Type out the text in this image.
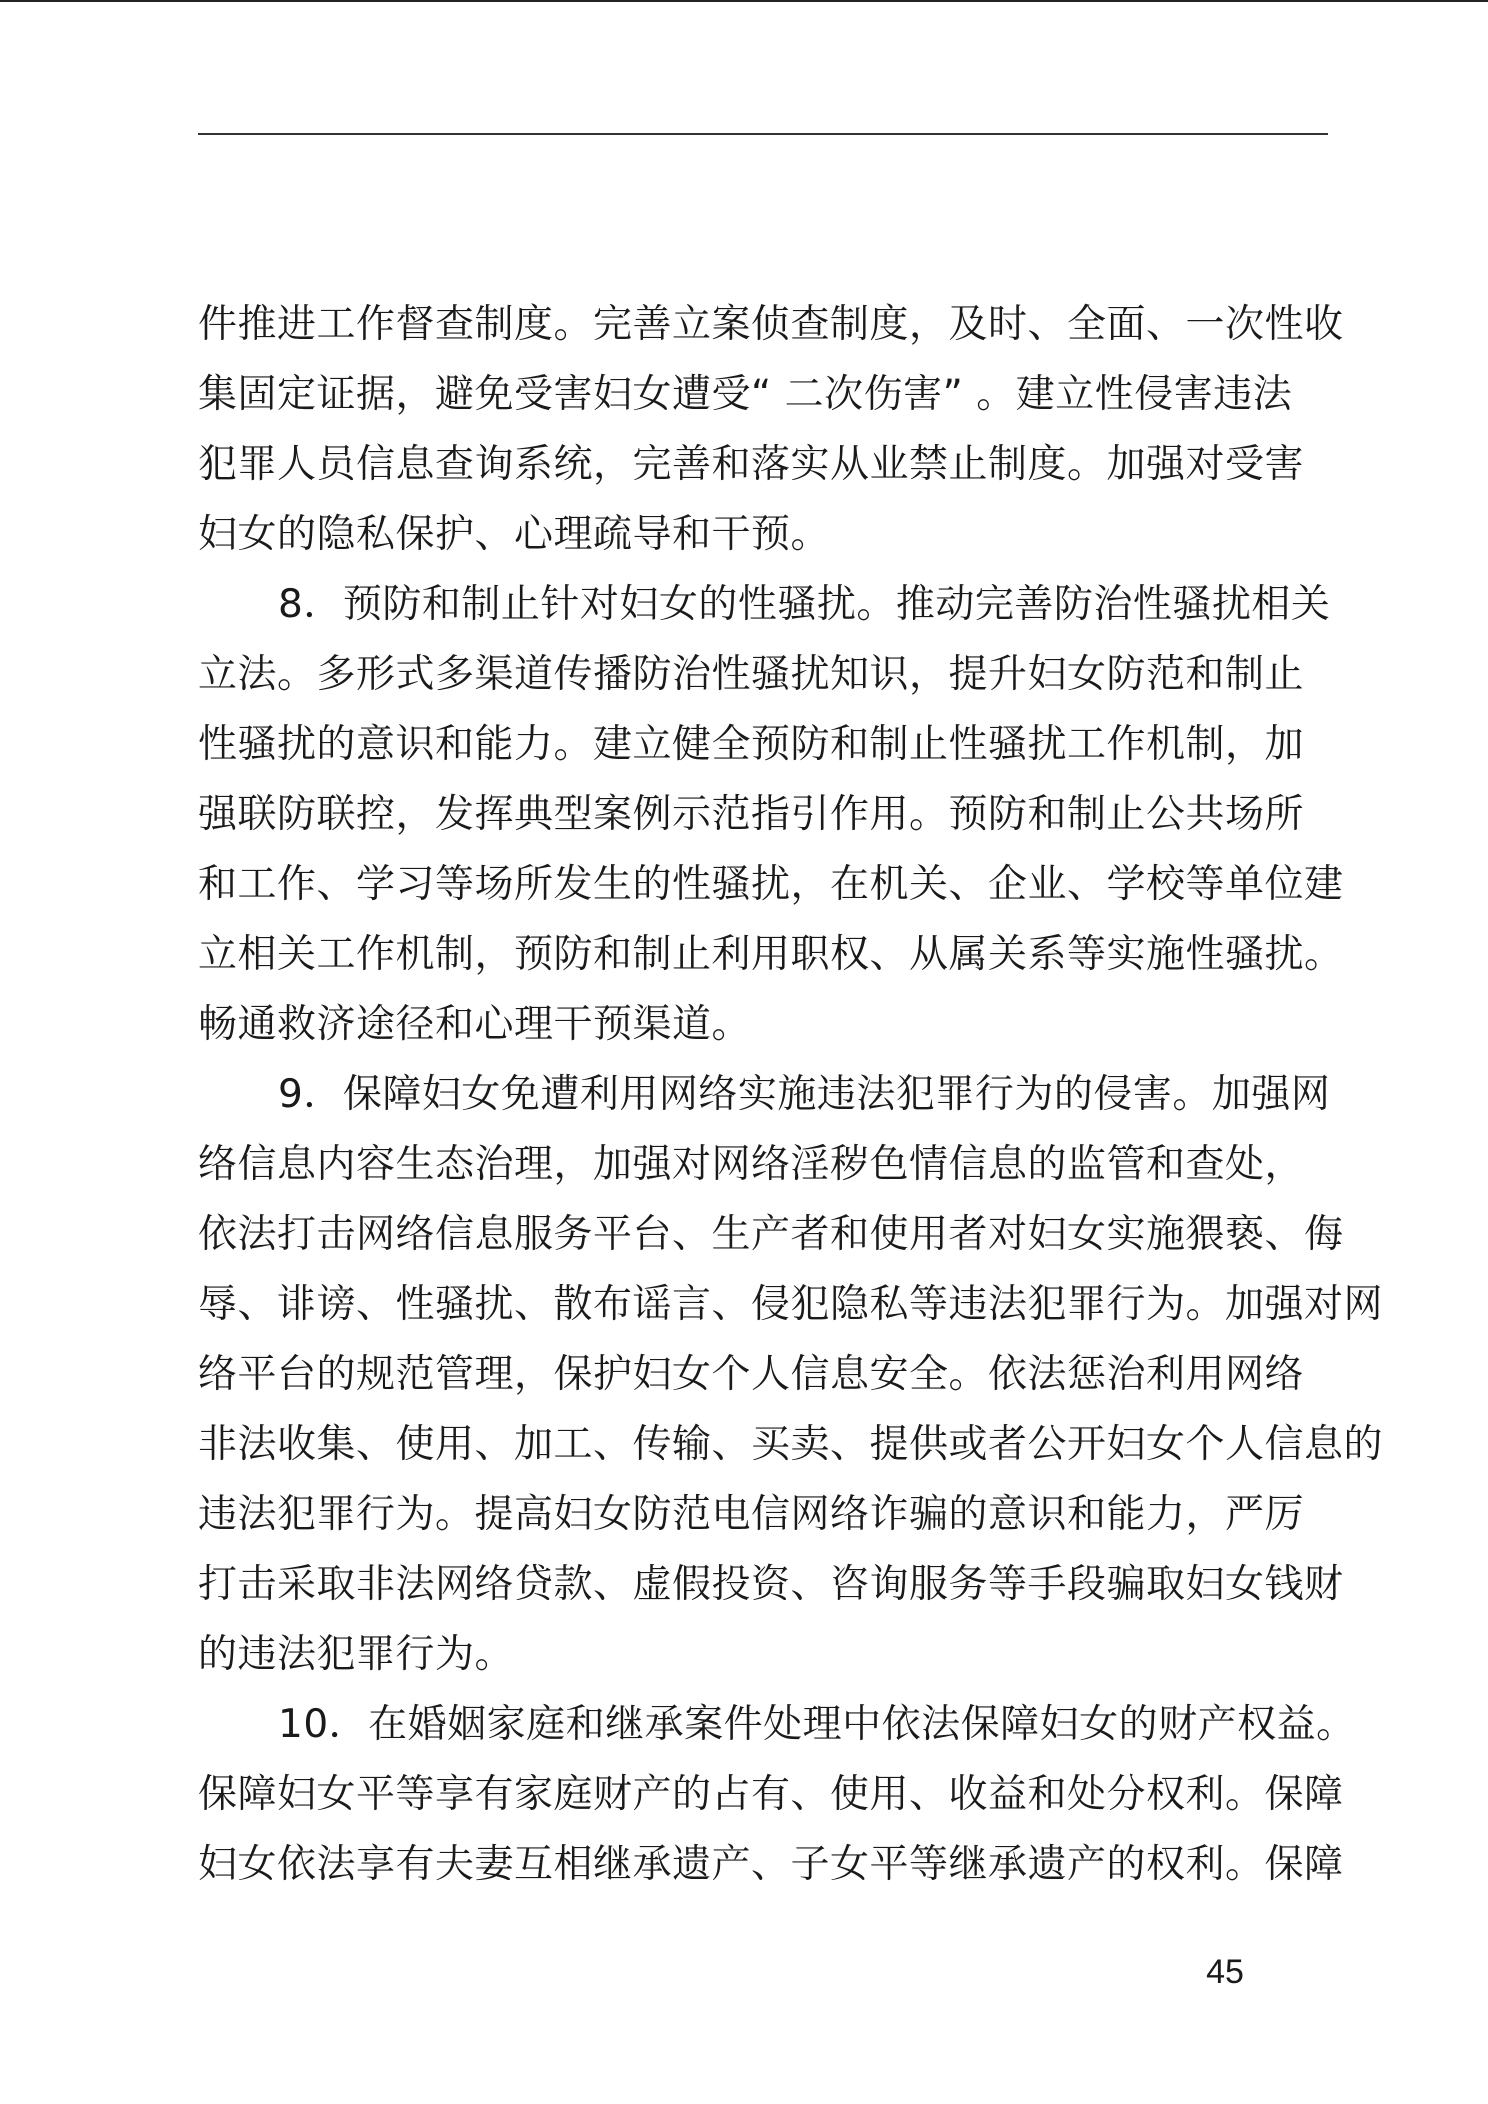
件推进工作督查制度。完善立案侦查制度，及时、全面、一次性收
集固定证据，避免受害妇女遭受“ 二次伤害” 。建立性侵害违法
犯罪人员信息查询系统，完善和落实从业禁止制度。加强对受害
妇女的隐私保护、心理疏导和干预。
8．预防和制止针对妇女的性骚扰。推动完善防治性骚扰相关
立法。多形式多渠道传播防治性骚扰知识，提升妇女防范和制止
性骚扰的意识和能力。建立健全预防和制止性骚扰工作机制，加
强联防联控，发挥典型案例示范指引作用。预防和制止公共场所
和工作、学习等场所发生的性骚扰，在机关、企业、学校等单位建
立相关工作机制，预防和制止利用职权、从属关系等实施性骚扰。
畅通救济途径和心理干预渠道。
9．保障妇女免遭利用网络实施违法犯罪行为的侵害。加强网
络信息内容生态治理，加强对网络淫秽色情信息的监管和查处，
依法打击网络信息服务平台、生产者和使用者对妇女实施猥亵、侮
辱、诽谤、性骚扰、散布谣言、侵犯隐私等违法犯罪行为。加强对网
络平台的规范管理，保护妇女个人信息安全。依法惩治利用网络
非法收集、使用、加工、传输、买卖、提供或者公开妇女个人信息的
违法犯罪行为。提高妇女防范电信网络诈骗的意识和能力，严厉
打击采取非法网络贷款、虚假投资、咨询服务等手段骗取妇女钱财
的违法犯罪行为。
10．在婚姻家庭和继承案件处理中依法保障妇女的财产权益。
保障妇女平等享有家庭财产的占有、使用、收益和处分权利。保障
妇女依法享有夫妻互相继承遗产、子女平等继承遗产的权利。保障
45
